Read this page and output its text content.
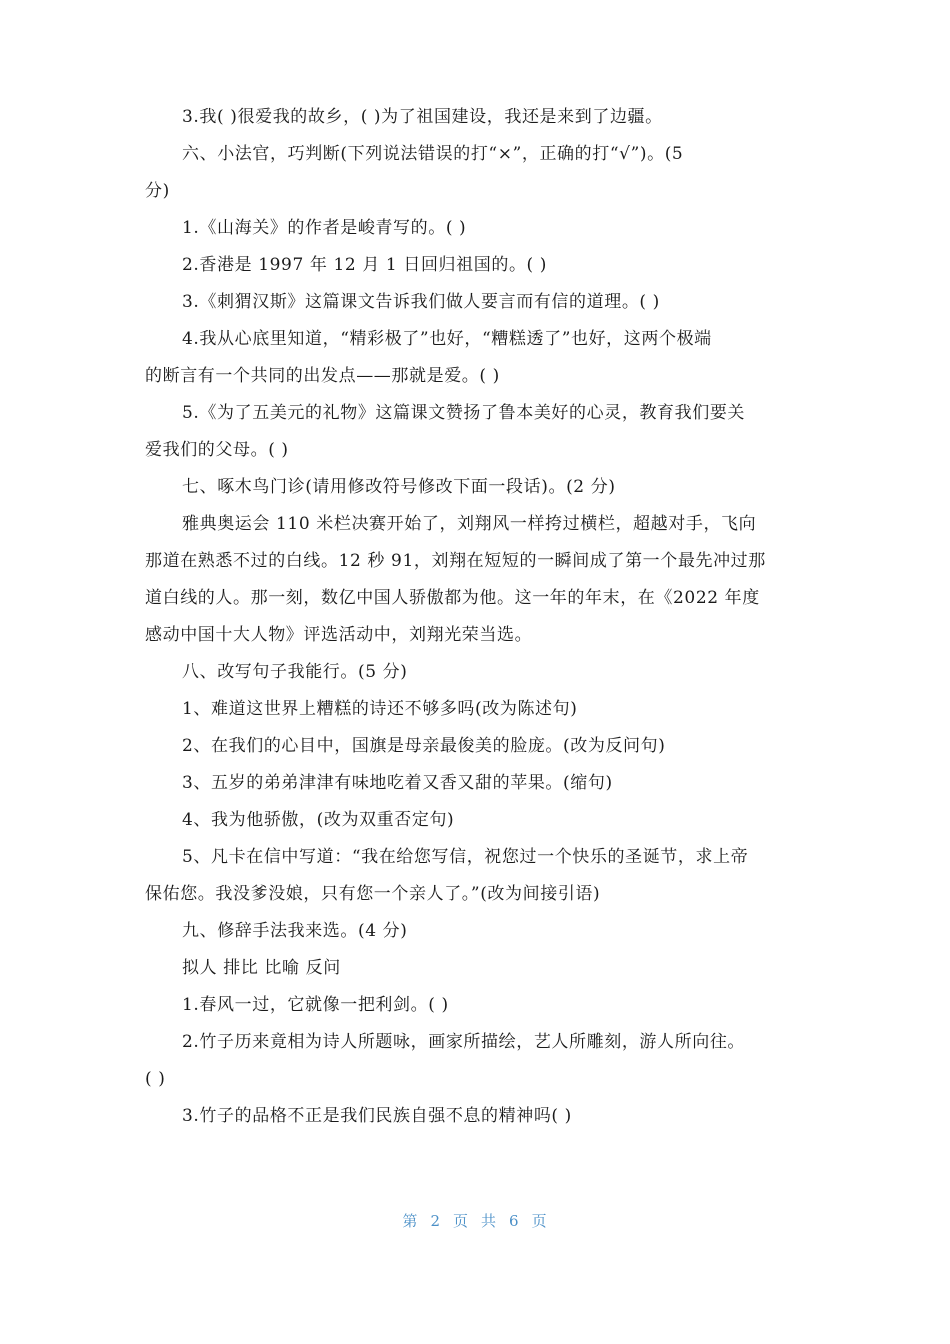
3.我( )很爱我的故乡，( )为了祖国建设，我还是来到了边疆。
六、小法官，巧判断(下列说法错误的打“×”，正确的打“√”)。(5
分)
1.《山海关》的作者是峻青写的。( )
2.香港是 1997 年 12 月 1 日回归祖国的。( )
3.《刺猬汉斯》这篇课文告诉我们做人要言而有信的道理。( )
4.我从心底里知道，“精彩极了”也好，“糟糕透了”也好，这两个极端
的断言有一个共同的出发点——那就是爱。( )
5.《为了五美元的礼物》这篇课文赞扬了鲁本美好的心灵，教育我们要关
爱我们的父母。( )
七、啄木鸟门诊(请用修改符号修改下面一段话)。(2 分)
雅典奥运会 110 米栏决赛开始了，刘翔风一样挎过横栏，超越对手，飞向
那道在熟悉不过的白线。12 秒 91，刘翔在短短的一瞬间成了第一个最先冲过那
道白线的人。那一刻，数亿中国人骄傲都为他。这一年的年末，在《2022 年度
感动中国十大人物》评选活动中，刘翔光荣当选。
八、改写句子我能行。(5 分)
1、难道这世界上糟糕的诗还不够多吗(改为陈述句)
2、在我们的心目中，国旗是母亲最俊美的脸庞。(改为反问句)
3、五岁的弟弟津津有味地吃着又香又甜的苹果。(缩句)
4、我为他骄傲，(改为双重否定句)
5、凡卡在信中写道：“我在给您写信，祝您过一个快乐的圣诞节，求上帝
保佑您。我没爹没娘，只有您一个亲人了。”(改为间接引语)
九、修辞手法我来选。(4 分)
拟人 排比 比喻 反问
1.春风一过，它就像一把利剑。( )
2.竹子历来竟相为诗人所题咏，画家所描绘，艺人所雕刻，游人所向往。
( )
3.竹子的品格不正是我们民族自强不息的精神吗( )
第 2 页 共 6 页
